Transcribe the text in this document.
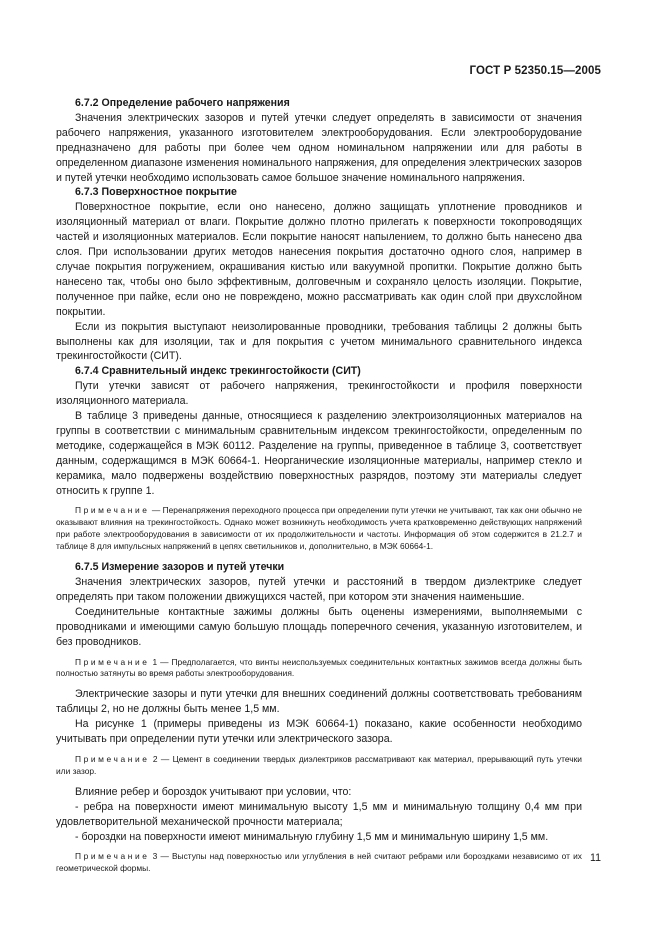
ГОСТ Р 52350.15—2005

6.7.2 Определение рабочего напряжения

Значения электрических зазоров и путей утечки следует определять в зависимости от значения рабочего напряжения, указанного изготовителем электрооборудования. Если электрооборудование предназначено для работы при более чем одном номинальном напряжении или для работы в определенном диапазоне изменения номинального напряжения, для определения электрических зазоров и путей утечки необходимо использовать самое большое значение номинального напряжения.

6.7.3 Поверхностное покрытие

Поверхностное покрытие, если оно нанесено, должно защищать уплотнение проводников и изоляционный материал от влаги. Покрытие должно плотно прилегать к поверхности токопроводящих частей и изоляционных материалов. Если покрытие наносят напылением, то должно быть нанесено два слоя. При использовании других методов нанесения покрытия достаточно одного слоя, например в случае покрытия погружением, окрашивания кистью или вакуумной пропитки. Покрытие должно быть нанесено так, чтобы оно было эффективным, долговечным и сохраняло целость изоляции. Покрытие, полученное при пайке, если оно не повреждено, можно рассматривать как один слой при двухслойном покрытии.

Если из покрытия выступают неизолированные проводники, требования таблицы 2 должны быть выполнены как для изоляции, так и для покрытия с учетом минимального сравнительного индекса трекингостойкости (СИТ).

6.7.4 Сравнительный индекс трекингостойкости (СИТ)

Пути утечки зависят от рабочего напряжения, трекингостойкости и профиля поверхности изоляционного материала.

В таблице 3 приведены данные, относящиеся к разделению электроизоляционных материалов на группы в соответствии с минимальным сравнительным индексом трекингостойкости, определенным по методике, содержащейся в МЭК 60112. Разделение на группы, приведенное в таблице 3, соответствует данным, содержащимся в МЭК 60664-1. Неорганические изоляционные материалы, например стекло и керамика, мало подвержены воздействию поверхностных разрядов, поэтому эти материалы следует относить к группе 1.

Примечание — Перенапряжения переходного процесса при определении пути утечки не учитывают, так как они обычно не оказывают влияния на трекингостойкость. Однако может возникнуть необходимость учета кратковременно действующих напряжений при работе электрооборудования в зависимости от их продолжительности и частоты. Информация об этом содержится в 21.2.7 и таблице 8 для импульсных напряжений в цепях светильников и, дополнительно, в МЭК 60664-1.

6.7.5 Измерение зазоров и путей утечки

Значения электрических зазоров, путей утечки и расстояний в твердом диэлектрике следует определять при таком положении движущихся частей, при котором эти значения наименьшие.

Соединительные контактные зажимы должны быть оценены измерениями, выполняемыми с проводниками и имеющими самую большую площадь поперечного сечения, указанную изготовителем, и без проводников.

Примечание 1 — Предполагается, что винты неиспользуемых соединительных контактных зажимов всегда должны быть полностью затянуты во время работы электрооборудования.

Электрические зазоры и пути утечки для внешних соединений должны соответствовать требованиям таблицы 2, но не должны быть менее 1,5 мм.

На рисунке 1 (примеры приведены из МЭК 60664-1) показано, какие особенности необходимо учитывать при определении пути утечки или электрического зазора.

Примечание 2 — Цемент в соединении твердых диэлектриков рассматривают как материал, прерывающий путь утечки или зазор.

Влияние ребер и бороздок учитывают при условии, что:

- ребра на поверхности имеют минимальную высоту 1,5 мм и минимальную толщину 0,4 мм при удовлетворительной механической прочности материала;

- бороздки на поверхности имеют минимальную глубину 1,5 мм и минимальную ширину 1,5 мм.

Примечание 3 — Выступы над поверхностью или углубления в ней считают ребрами или бороздками независимо от их геометрической формы.

11
